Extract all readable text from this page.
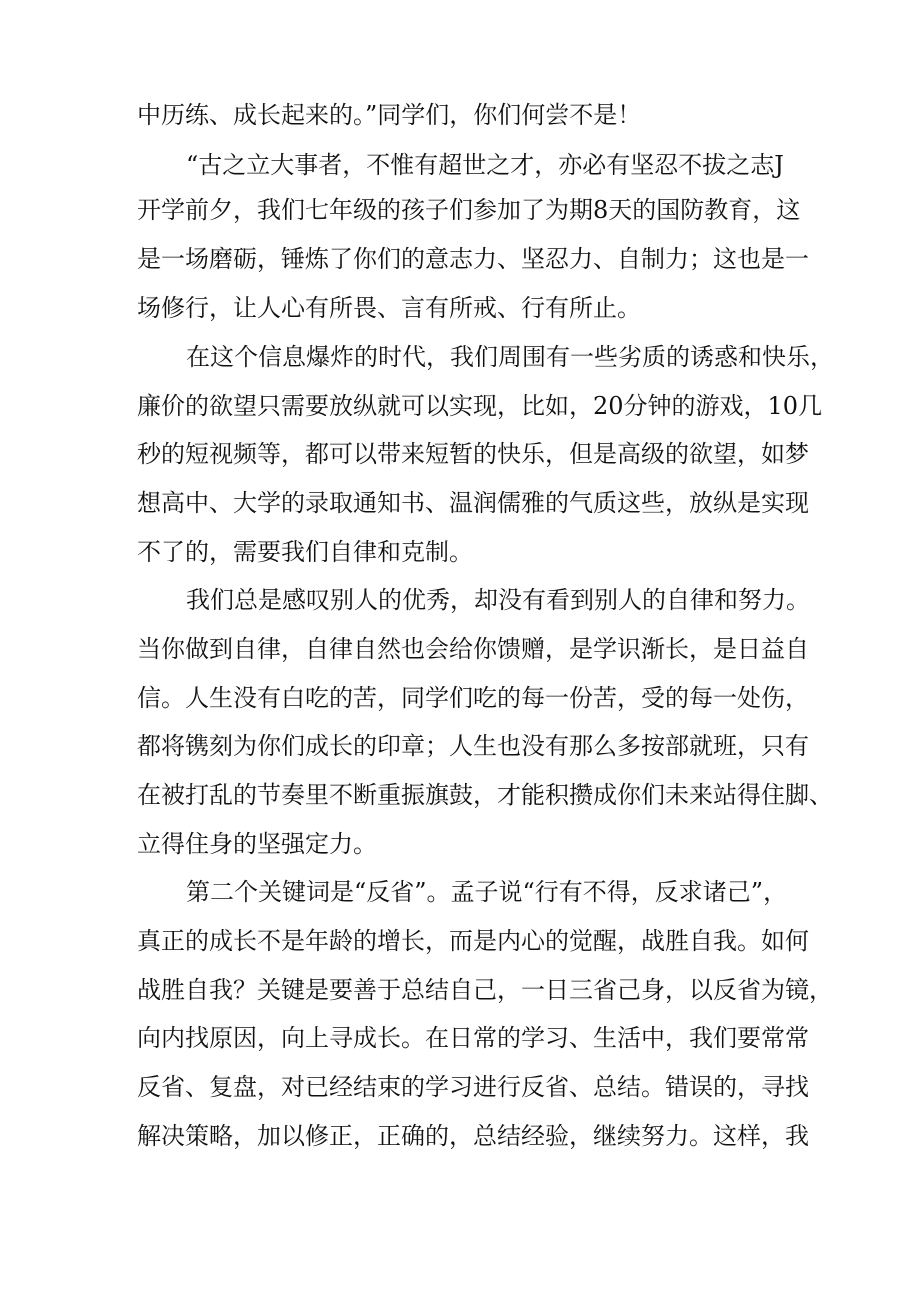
中历练、成长起来的。”同学们，你们何尝不是！
“古之立大事者，不惟有超世之才，亦必有坚忍不拔之志J
开学前夕，我们七年级的孩子们参加了为期8天的国防教育，这
是一场磨砺，锤炼了你们的意志力、坚忍力、自制力；这也是一
场修行，让人心有所畏、言有所戒、行有所止。
在这个信息爆炸的时代，我们周围有一些劣质的诱惑和快乐，
廉价的欲望只需要放纵就可以实现，比如，20分钟的游戏，10几
秒的短视频等，都可以带来短暂的快乐，但是高级的欲望，如梦
想高中、大学的录取通知书、温润儒雅的气质这些，放纵是实现
不了的，需要我们自律和克制。
我们总是感叹别人的优秀，却没有看到别人的自律和努力。
当你做到自律，自律自然也会给你馈赠，是学识渐长，是日益自
信。人生没有白吃的苦，同学们吃的每一份苦，受的每一处伤，
都将镌刻为你们成长的印章；人生也没有那么多按部就班，只有
在被打乱的节奏里不断重振旗鼓，才能积攒成你们未来站得住脚、
立得住身的坚强定力。
第二个关键词是“反省”。孟子说“行有不得，反求诸己”，
真正的成长不是年龄的增长，而是内心的觉醒，战胜自我。如何
战胜自我？关键是要善于总结自己，一日三省己身，以反省为镜，
向内找原因，向上寻成长。在日常的学习、生活中，我们要常常
反省、复盘，对已经结束的学习进行反省、总结。错误的，寻找
解决策略，加以修正，正确的，总结经验，继续努力。这样，我
